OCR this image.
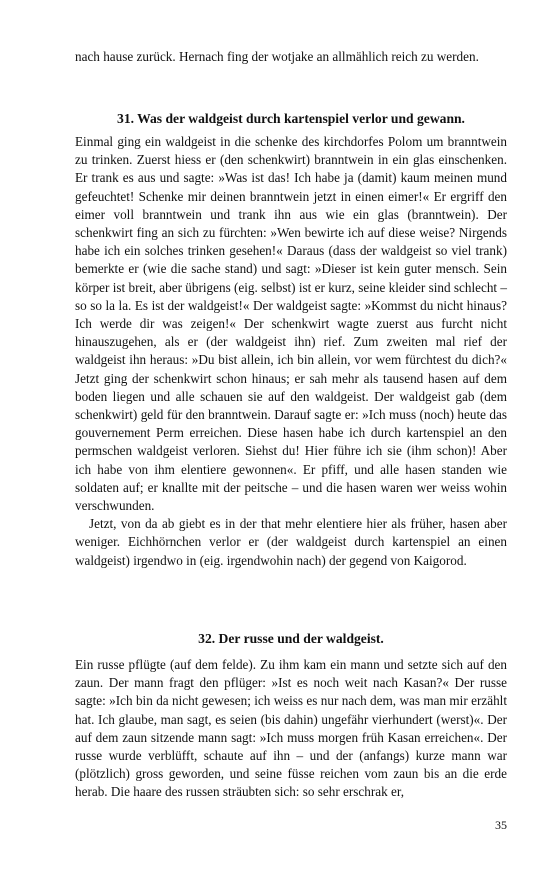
nach hause zurück. Hernach fing der wotjake an allmählich reich zu werden.

31. Was der waldgeist durch kartenspiel verlor und gewann.

Einmal ging ein waldgeist in die schenke des kirchdorfes Polom um branntwein zu trinken. Zuerst hiess er (den schenkwirt) branntwein in ein glas einschenken. Er trank es aus und sagte: »Was ist das! Ich habe ja (damit) kaum meinen mund gefeuchtet! Schenke mir deinen branntwein jetzt in einen eimer!« Er ergriff den eimer voll branntwein und trank ihn aus wie ein glas (branntwein). Der schenkwirt fing an sich zu fürchten: »Wen bewirte ich auf diese weise? Nirgends habe ich ein solches trinken gesehen!« Daraus (dass der waldgeist so viel trank) bemerkte er (wie die sache stand) und sagt: »Dieser ist kein guter mensch. Sein körper ist breit, aber übrigens (eig. selbst) ist er kurz, seine kleider sind schlecht – so so la la. Es ist der waldgeist!« Der waldgeist sagte: »Kommst du nicht hinaus? Ich werde dir was zeigen!« Der schenkwirt wagte zuerst aus furcht nicht hinauszugehen, als er (der waldgeist ihn) rief. Zum zweiten mal rief der waldgeist ihn heraus: »Du bist allein, ich bin allein, vor wem fürchtest du dich?« Jetzt ging der schenkwirt schon hinaus; er sah mehr als tausend hasen auf dem boden liegen und alle schauen sie auf den waldgeist. Der waldgeist gab (dem schenkwirt) geld für den branntwein. Darauf sagte er: »Ich muss (noch) heute das gouvernement Perm erreichen. Diese hasen habe ich durch kartenspiel an den permschen waldgeist verloren. Siehst du! Hier führe ich sie (ihm schon)! Aber ich habe von ihm elentiere gewonnen«. Er pfiff, und alle hasen standen wie soldaten auf; er knallte mit der peitsche – und die hasen waren wer weiss wohin verschwunden.

Jetzt, von da ab giebt es in der that mehr elentiere hier als früher, hasen aber weniger. Eichhörnchen verlor er (der waldgeist durch kartenspiel an einen waldgeist) irgendwo in (eig. irgendwohin nach) der gegend von Kaigorod.

32. Der russe und der waldgeist.

Ein russe pflügte (auf dem felde). Zu ihm kam ein mann und setzte sich auf den zaun. Der mann fragt den pflüger: »Ist es noch weit nach Kasan?« Der russe sagte: »Ich bin da nicht gewesen; ich weiss es nur nach dem, was man mir erzählt hat. Ich glaube, man sagt, es seien (bis dahin) ungefähr vierhundert (werst)«. Der auf dem zaun sitzende mann sagt: »Ich muss morgen früh Kasan erreichen«. Der russe wurde verblüfft, schaute auf ihn – und der (anfangs) kurze mann war (plötzlich) gross geworden, und seine füsse reichen vom zaun bis an die erde herab. Die haare des russen sträubten sich: so sehr erschrak er,

35
